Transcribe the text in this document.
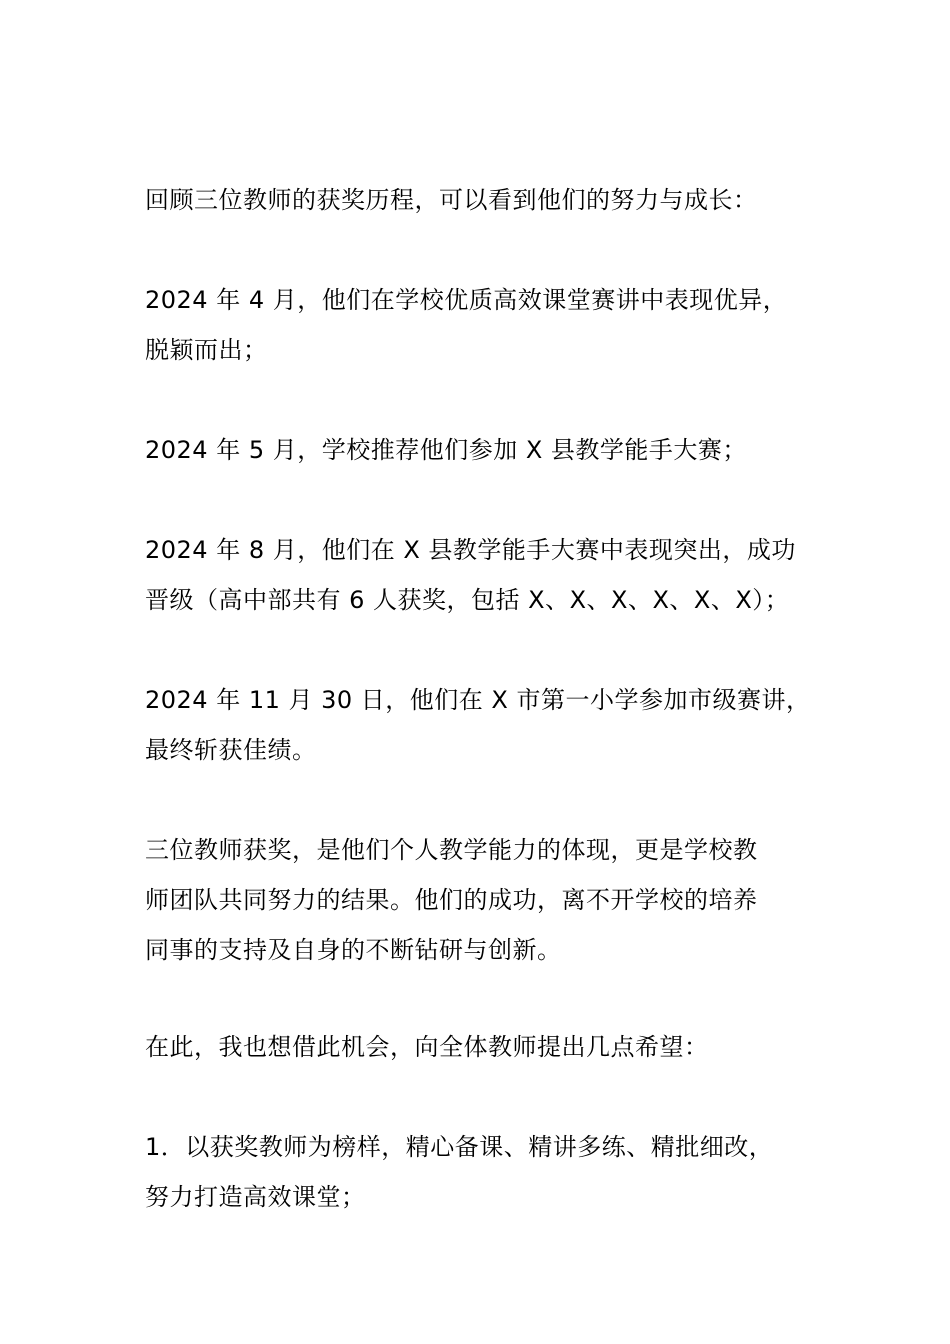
回顾三位教师的获奖历程，可以看到他们的努力与成长：

2024 年 4 月，他们在学校优质高效课堂赛讲中表现优异，
脱颖而出；

2024 年 5 月，学校推荐他们参加 X 县教学能手大赛；

2024 年 8 月，他们在 X 县教学能手大赛中表现突出，成功
晋级（高中部共有 6 人获奖，包括 X、X、X、X、X、X）；

2024 年 11 月 30 日，他们在 X 市第一小学参加市级赛讲，
最终斩获佳绩。

三位教师获奖，是他们个人教学能力的体现，更是学校教
师团队共同努力的结果。他们的成功，离不开学校的培养
同事的支持及自身的不断钻研与创新。

在此，我也想借此机会，向全体教师提出几点希望：

1．以获奖教师为榜样，精心备课、精讲多练、精批细改，
努力打造高效课堂；
